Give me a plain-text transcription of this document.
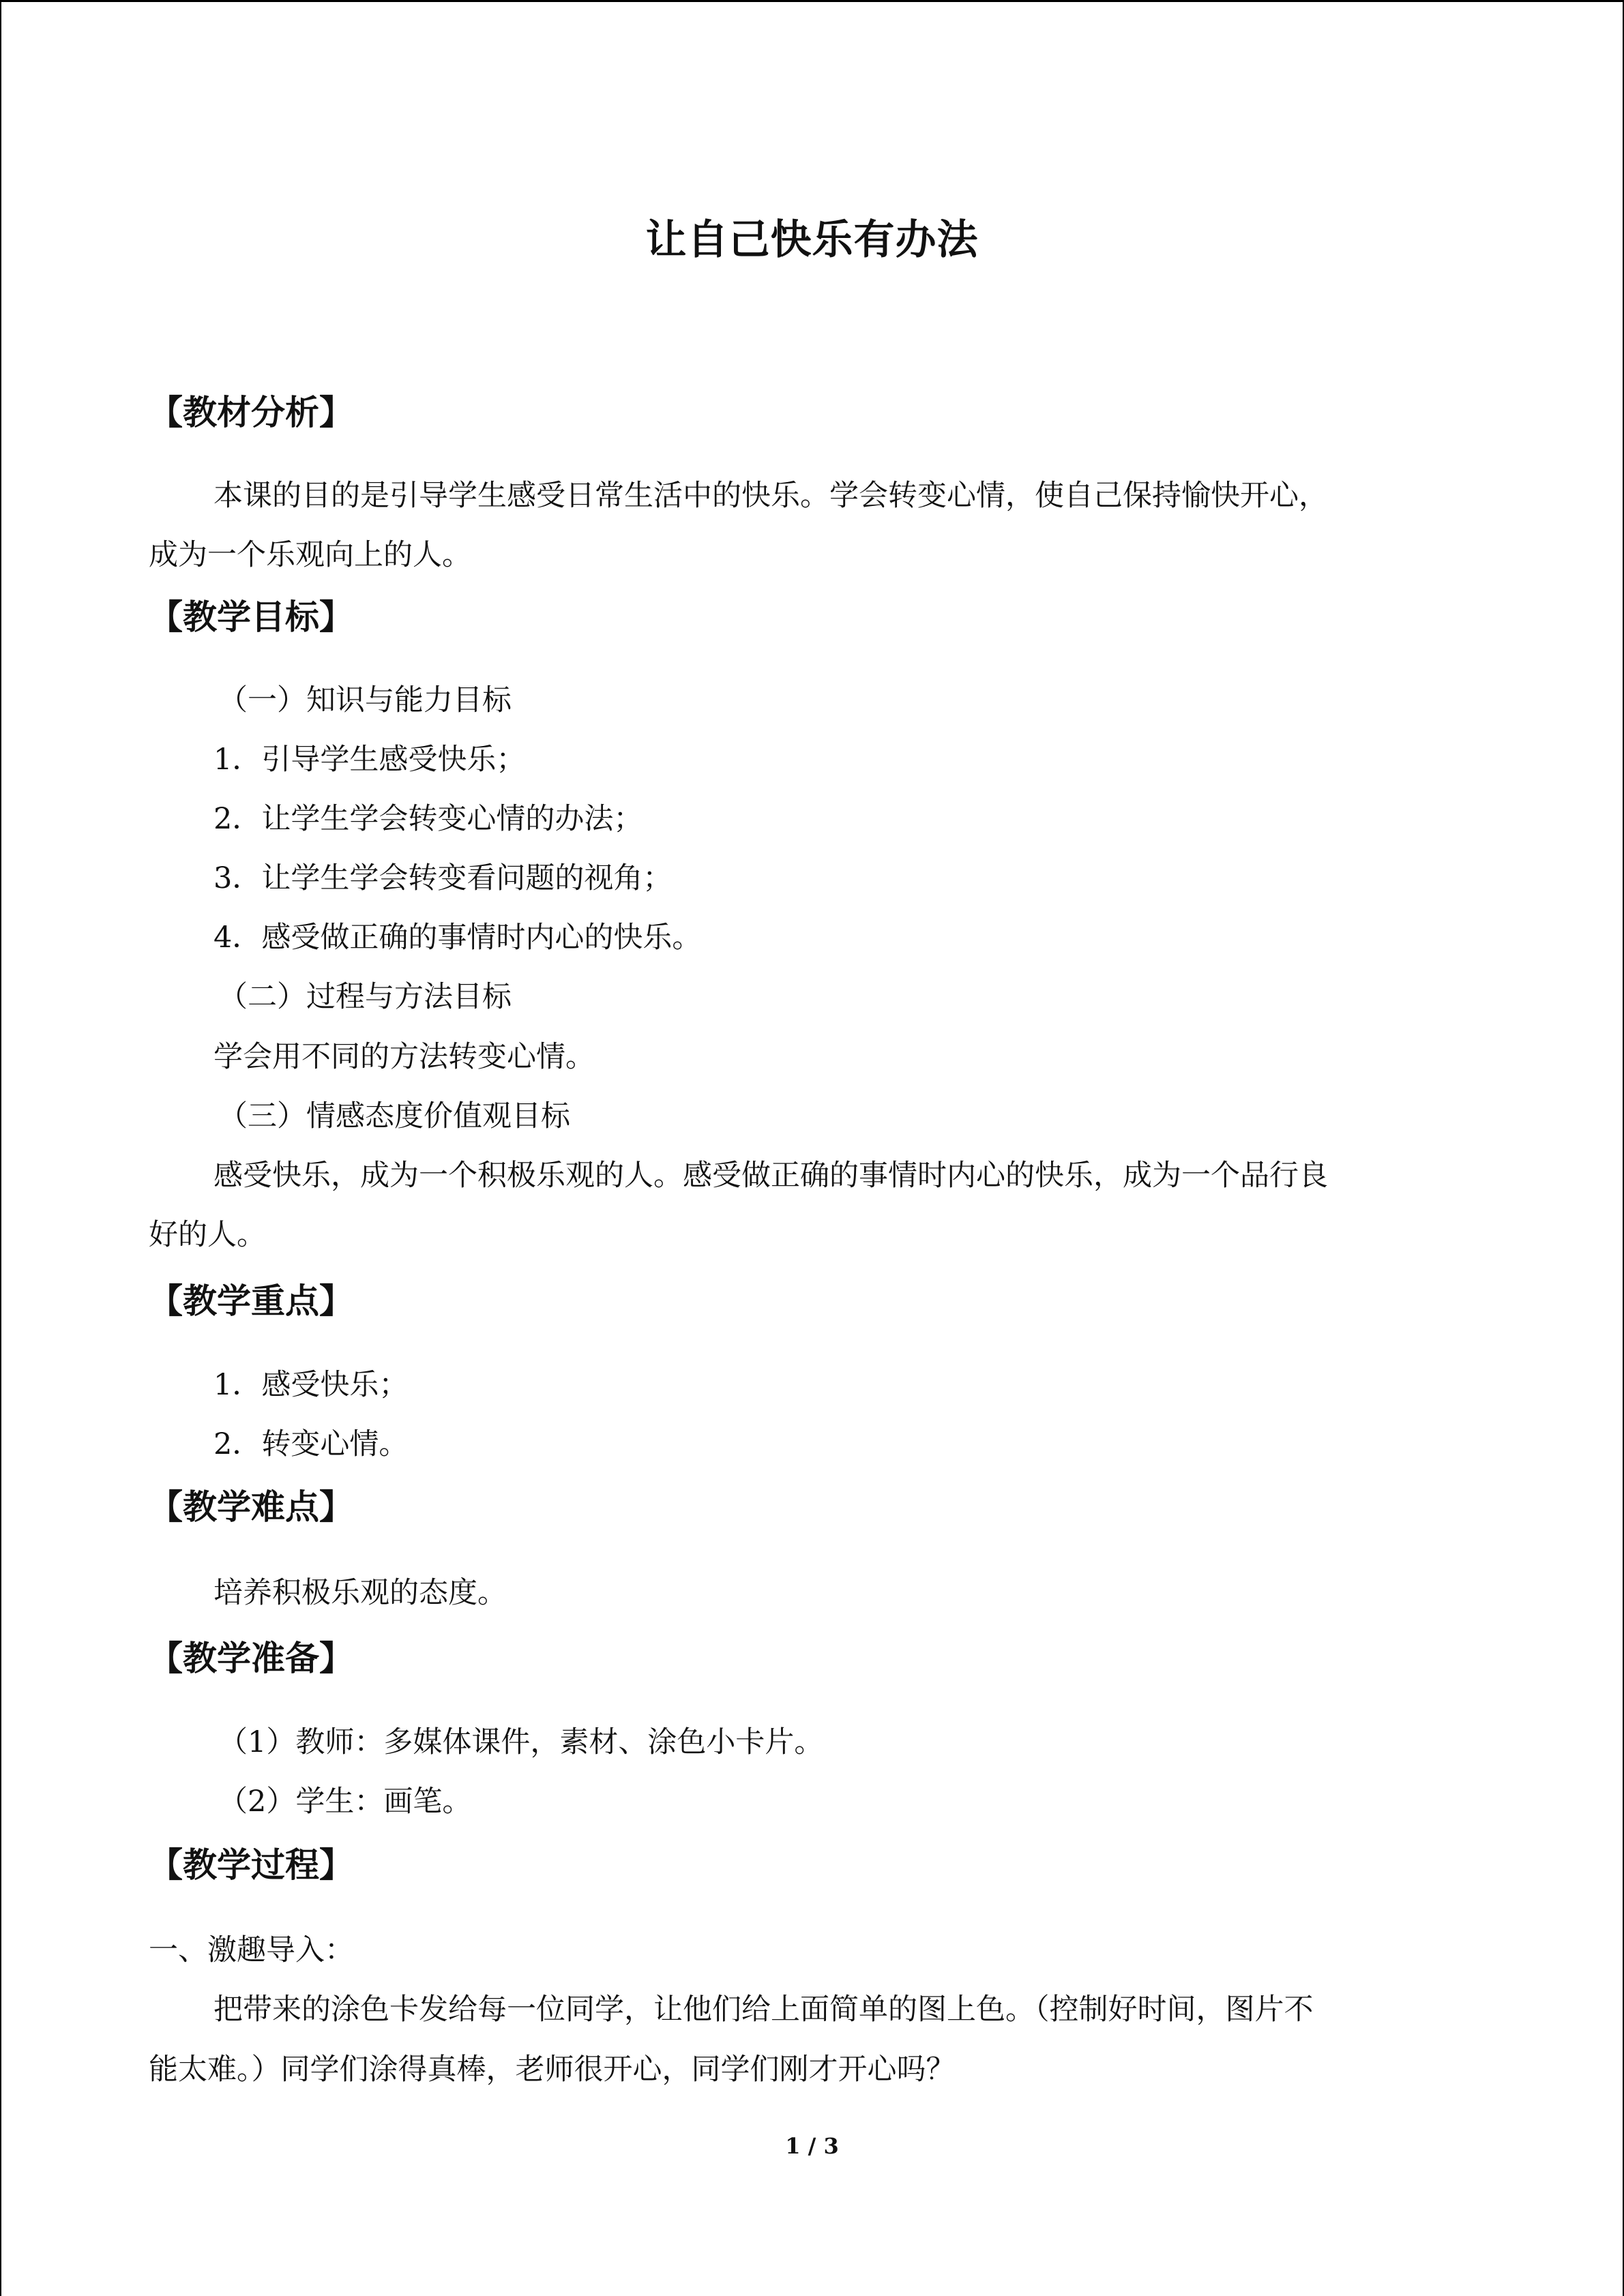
让自己快乐有办法
【教材分析】

本课的目的是引导学生感受日常生活中的快乐。学会转变心情，使自己保持愉快开心，

成为一个乐观向上的人。

【教学目标】

（一）知识与能力目标

1．引导学生感受快乐；

2．让学生学会转变心情的办法；

3．让学生学会转变看问题的视角；

4．感受做正确的事情时内心的快乐。

（二）过程与方法目标

学会用不同的方法转变心情。

（三）情感态度价值观目标

感受快乐，成为一个积极乐观的人。感受做正确的事情时内心的快乐，成为一个品行良

好的人。

【教学重点】

1．感受快乐；

2．转变心情。

【教学难点】

培养积极乐观的态度。

【教学准备】

（1）教师：多媒体课件，素材、涂色小卡片。

（2）学生：画笔。

【教学过程】

一、激趣导入：

把带来的涂色卡发给每一位同学，让他们给上面简单的图上色。（控制好时间，图片不

能太难。）同学们涂得真棒，老师很开心，同学们刚才开心吗？

1 / 3
